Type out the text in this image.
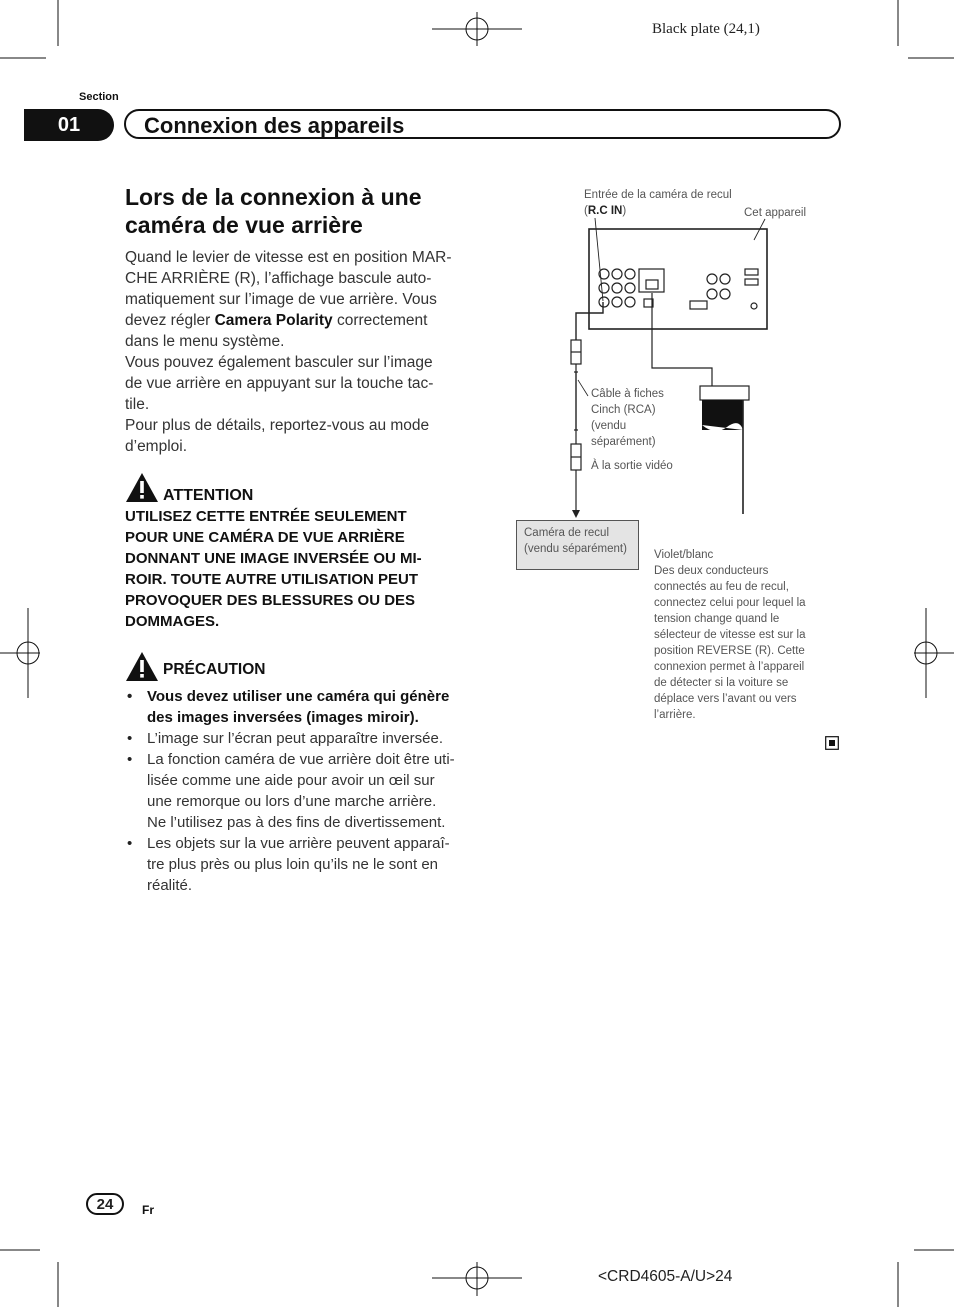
Black plate (24,1)
Section
01	Connexion des appareils
Lors de la connexion à une
caméra de vue arrière

Quand le levier de vitesse est en position MAR-
CHE ARRIÈRE (R), l’affichage bascule auto-
matiquement sur l’image de vue arrière. Vous
devez régler Camera Polarity correctement
dans le menu système.
Vous pouvez également basculer sur l’image
de vue arrière en appuyant sur la touche tac-
tile.
Pour plus de détails, reportez-vous au mode
d’emploi.

ATTENTION

UTILISEZ CETTE ENTRÉE SEULEMENT
POUR UNE CAMÉRA DE VUE ARRIÈRE
DONNANT UNE IMAGE INVERSÉE OU MI-
ROIR. TOUTE AUTRE UTILISATION PEUT
PROVOQUER DES BLESSURES OU DES
DOMMAGES.

PRÉCAUTION
• Vous devez utiliser une caméra qui génère
des images inversées (images miroir).
• L’image sur l’écran peut apparaître inversée.
• La fonction caméra de vue arrière doit être uti-
lisée comme une aide pour avoir un œil sur
une remorque ou lors d’une marche arrière.
Ne l’utilisez pas à des fins de divertissement.
• Les objets sur la vue arrière peuvent apparaî-
tre plus près ou plus loin qu’ils ne le sont en
réalité.
Entrée de la caméra de recul
(R.C IN)	Cet appareil
Câble à fiches
Cinch (RCA)
(vendu
séparément)
À la sortie vidéo
Caméra de recul
(vendu séparément)	Violet/blanc
Des deux conducteurs
connectés au feu de recul,
connectez celui pour lequel la
tension change quand le
sélecteur de vitesse est sur la
position REVERSE (R). Cette
connexion permet à l’appareil
de détecter si la voiture se
déplace vers l’avant ou vers
l’arrière.
24	Fr
<CRD4605-A/U>24
